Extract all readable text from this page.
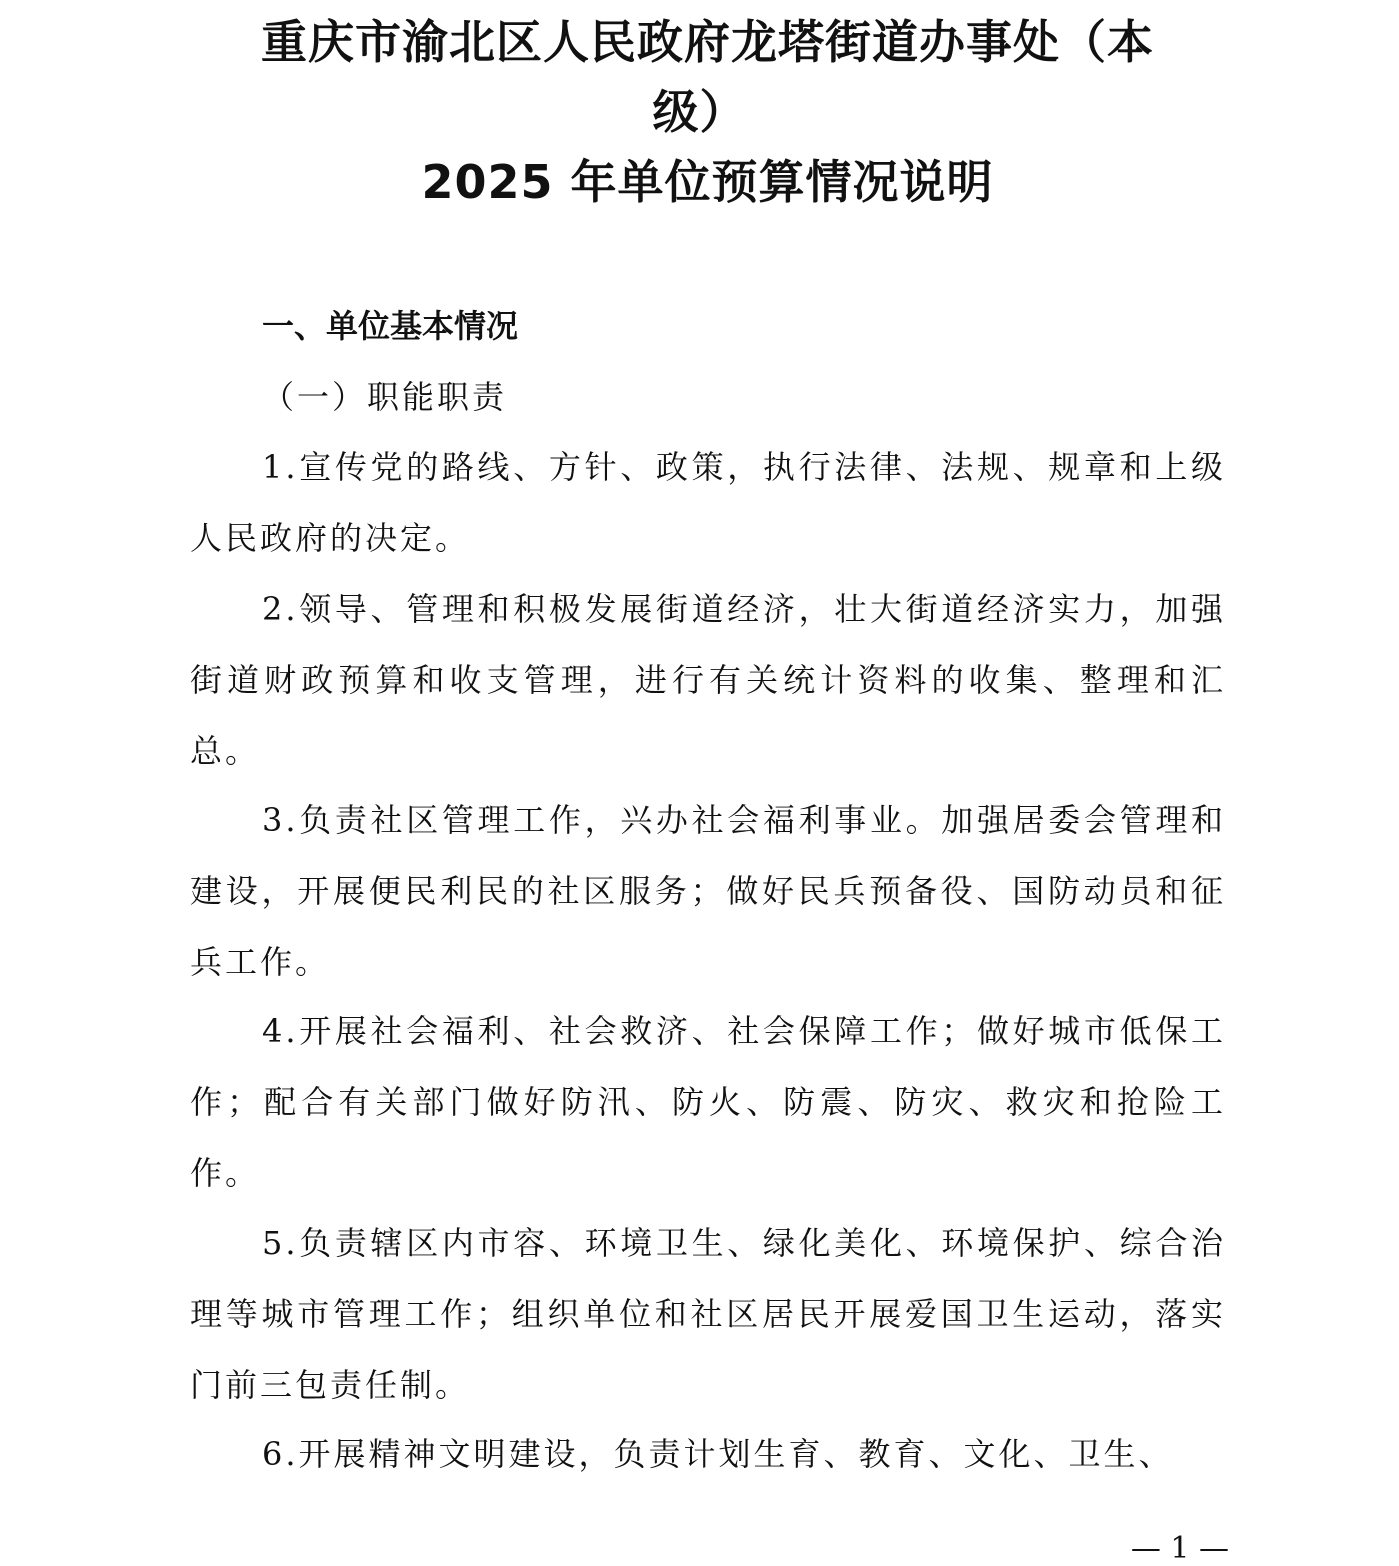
重庆市渝北区人民政府龙塔街道办事处（本
级）
2025 年单位预算情况说明
一、单位基本情况
（一）职能职责

1.宣传党的路线、方针、政策，执行法律、法规、规章和上级人民政府的决定。

2.领导、管理和积极发展街道经济，壮大街道经济实力，加强街道财政预算和收支管理，进行有关统计资料的收集、整理和汇总。

3.负责社区管理工作，兴办社会福利事业。加强居委会管理和建设，开展便民利民的社区服务；做好民兵预备役、国防动员和征兵工作。

4.开展社会福利、社会救济、社会保障工作；做好城市低保工作；配合有关部门做好防汛、防火、防震、防灾、救灾和抢险工作。

5.负责辖区内市容、环境卫生、绿化美化、环境保护、综合治理等城市管理工作；组织单位和社区居民开展爱国卫生运动，落实门前三包责任制。

6.开展精神文明建设，负责计划生育、教育、文化、卫生、

— 1 —
